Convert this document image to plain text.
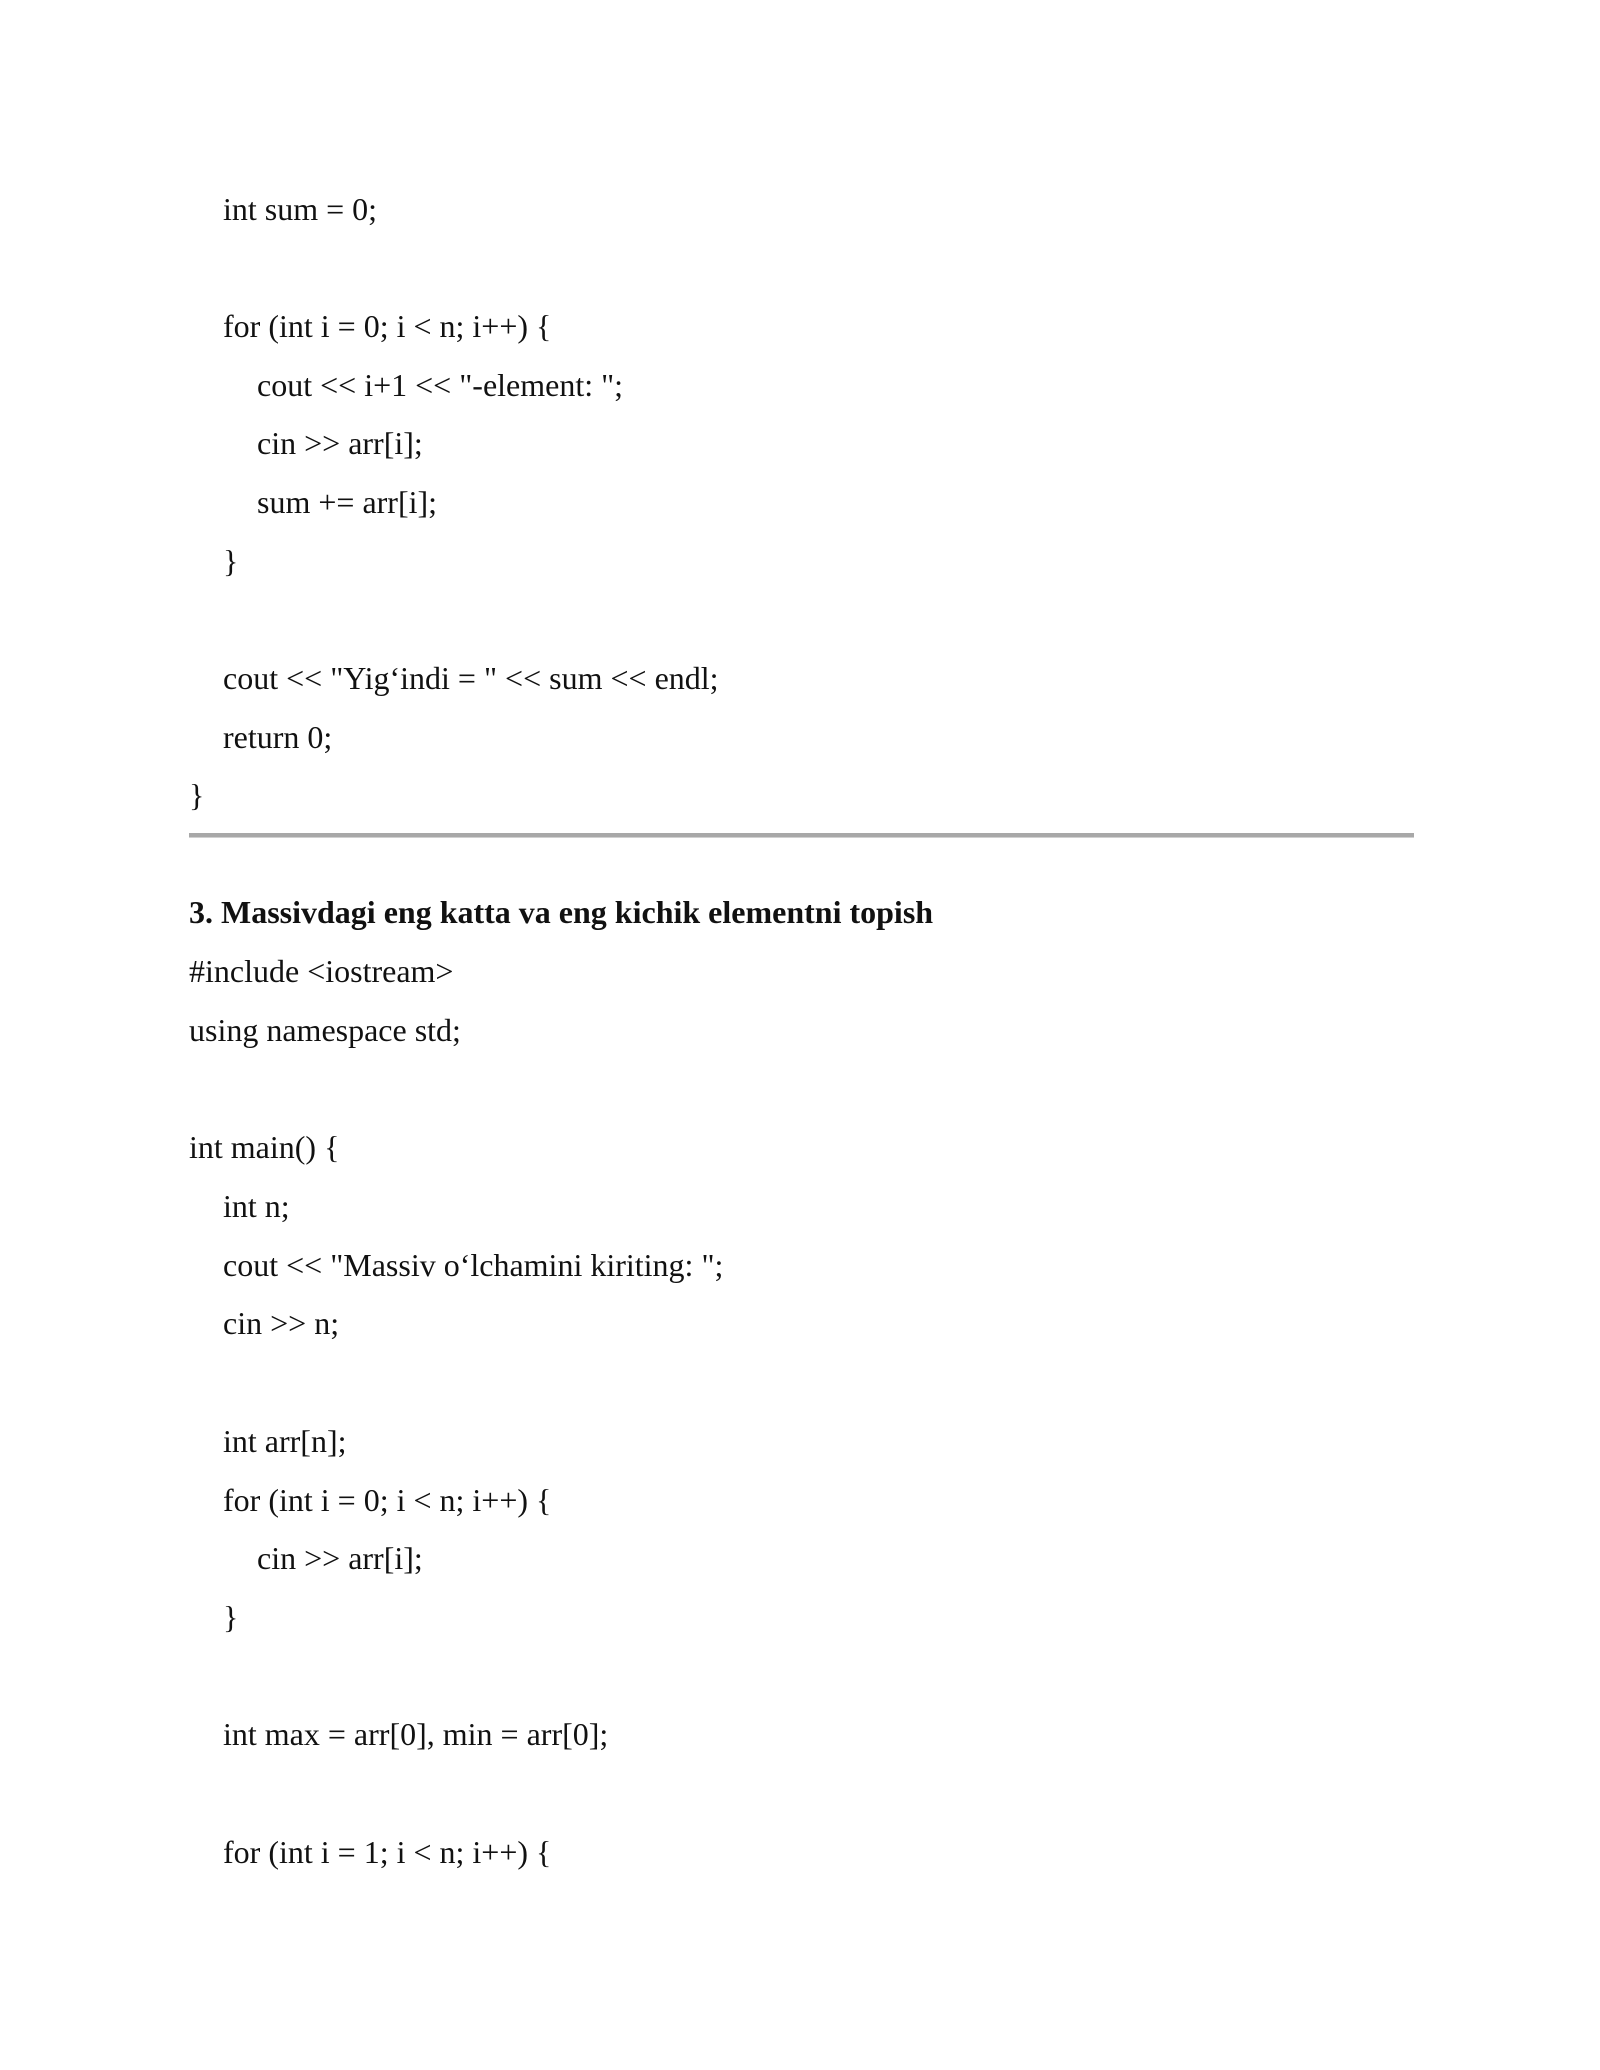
int sum = 0;
for (int i = 0; i < n; i++) {
cout << i+1 << "-element: ";
cin >> arr[i];
sum += arr[i];
}
cout << "Yig‘indi = " << sum << endl;
return 0;
}
3. Massivdagi eng katta va eng kichik elementni topish
#include <iostream>
using namespace std;
int main() {
int n;
cout << "Massiv o‘lchamini kiriting: ";
cin >> n;
int arr[n];
for (int i = 0; i < n; i++) {
cin >> arr[i];
}
int max = arr[0], min = arr[0];
for (int i = 1; i < n; i++) {
